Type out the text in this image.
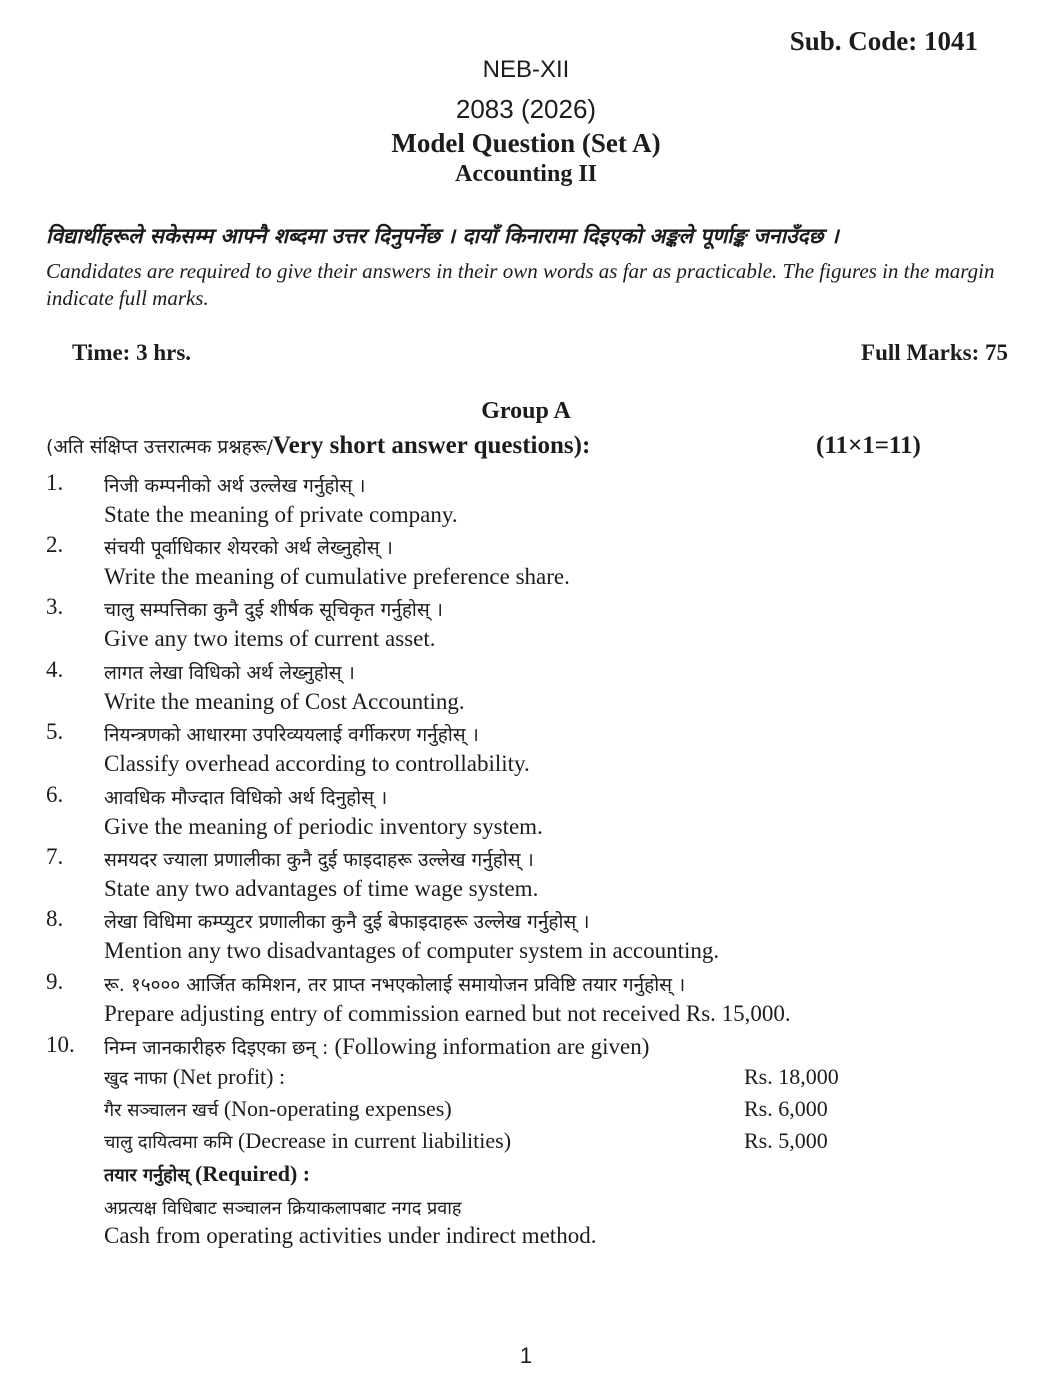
Sub. Code: 1041
NEB-XII
2083 (2026)
Model Question (Set A)
Accounting II
विद्यार्थीहरूले सकेसम्म आफ्नै शब्दमा उत्तर दिनुपर्नेछ । दायाँ किनारामा दिइएको अङ्कले पूर्णाङ्क जनाउँदछ ।
Candidates are required to give their answers in their own words as far as practicable. The figures in the margin indicate full marks.
Time: 3 hrs.	Full Marks: 75
Group A
(अति संक्षिप्त उत्तरात्मक प्रश्नहरू/Very short answer questions):	(11×1=11)
1. निजी कम्पनीको अर्थ उल्लेख गर्नुहोस् ।
State the meaning of private company.
2. संचयी पूर्वाधिकार शेयरको अर्थ लेख्नुहोस् ।
Write the meaning of cumulative preference share.
3. चालु सम्पत्तिका कुनै दुई शीर्षक सूचिकृत गर्नुहोस् ।
Give any two items of current asset.
4. लागत लेखा विधिको अर्थ लेख्नुहोस् ।
Write the meaning of Cost Accounting.
5. नियन्त्रणको आधारमा उपरिव्ययलाई वर्गीकरण गर्नुहोस् ।
Classify overhead according to controllability.
6. आवधिक मौज्दात विधिको अर्थ दिनुहोस् ।
Give the meaning of periodic inventory system.
7. समयदर ज्याला प्रणालीका कुनै दुई फाइदाहरू उल्लेख गर्नुहोस् ।
State any two advantages of time wage system.
8. लेखा विधिमा कम्प्युटर प्रणालीका कुनै दुई बेफाइदाहरू उल्लेख गर्नुहोस् ।
Mention any two disadvantages of computer system in accounting.
9. रू. १५००० आर्जित कमिशन, तर प्राप्त नभएकोलाई समायोजन प्रविष्टि तयार गर्नुहोस् ।
Prepare adjusting entry of commission earned but not received Rs. 15,000.
10. निम्न जानकारीहरु दिइएका छन् : (Following information are given)
खुद नाफा (Net profit) :	Rs. 18,000
गैर सञ्चालन खर्च (Non-operating expenses)	Rs. 6,000
चालु दायित्वमा कमि (Decrease in current liabilities)	Rs. 5,000
तयार गर्नुहोस् (Required) :
अप्रत्यक्ष विधिबाट सञ्चालन क्रियाकलापबाट नगद प्रवाह
Cash from operating activities under indirect method.
1
